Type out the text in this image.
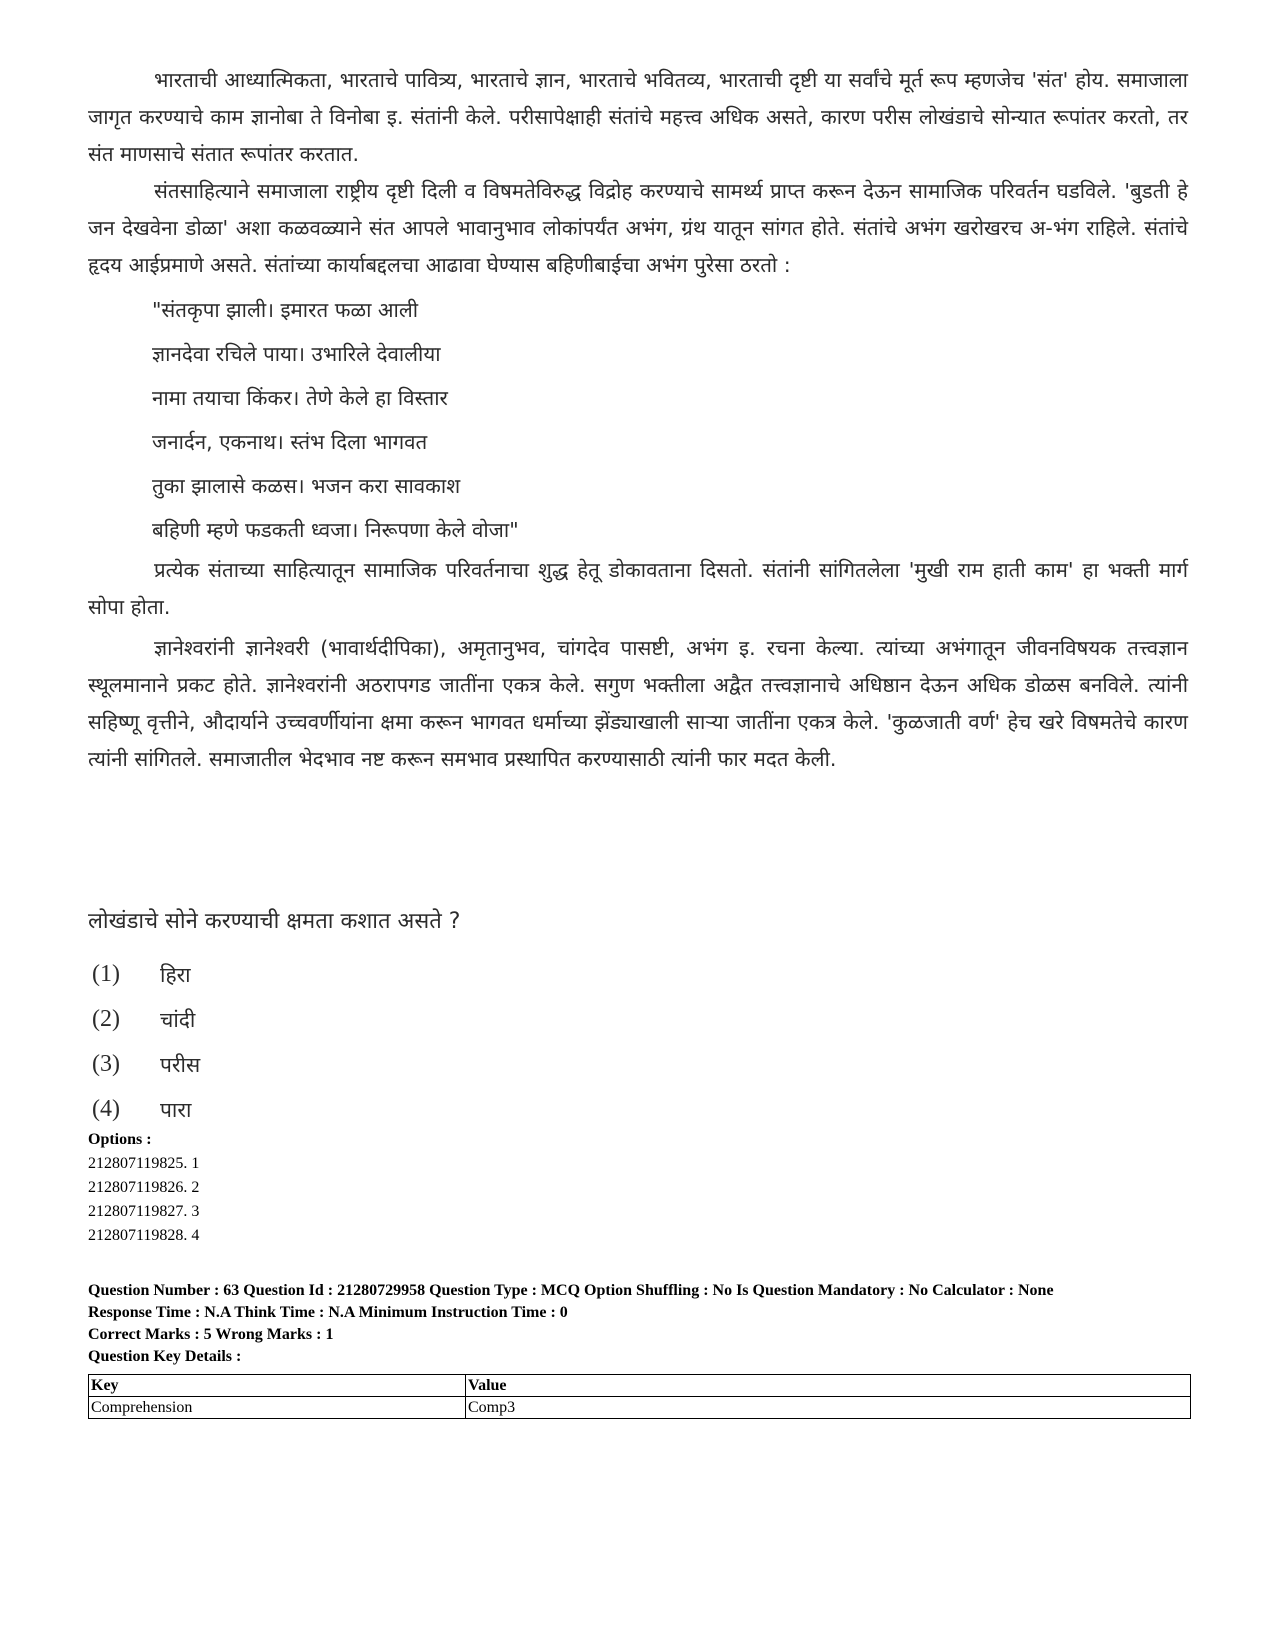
भारताची आध्यात्मिकता, भारताचे पावित्र्य, भारताचे ज्ञान, भारताचे भवितव्य, भारताची दृष्टी या सर्वांचे मूर्त रूप म्हणजेच 'संत' होय. समाजाला जागृत करण्याचे काम ज्ञानोबा ते विनोबा इ. संतांनी केले. परीसापेक्षाही संतांचे महत्त्व अधिक असते, कारण परीस लोखंडाचे सोन्यात रूपांतर करतो, तर संत माणसाचे संतात रूपांतर करतात.

संतसाहित्याने समाजाला राष्ट्रीय दृष्टी दिली व विषमतेविरुद्ध विद्रोह करण्याचे सामर्थ्य प्राप्त करून देऊन सामाजिक परिवर्तन घडविले. 'बुडती हे जन देखवेना डोळा' अशा कळवळ्याने संत आपले भावानुभाव लोकांपर्यंत अभंग, ग्रंथ यातून सांगत होते. संतांचे अभंग खरोखरच अ-भंग राहिले. संतांचे हृदय आईप्रमाणे असते. संतांच्या कार्याबद्दलचा आढावा घेण्यास बहिणीबाईचा अभंग पुरेसा ठरतो :

"संतकृपा झाली। इमारत फळा आली

ज्ञानदेवा रचिले पाया। उभारिले देवालीया

नामा तयाचा किंकर। तेणे केले हा विस्तार

जनार्दन, एकनाथ। स्तंभ दिला भागवत

तुका झालासे कळस। भजन करा सावकाश

बहिणी म्हणे फडकती ध्वजा। निरूपणा केले वोजा"

प्रत्येक संताच्या साहित्यातून सामाजिक परिवर्तनाचा शुद्ध हेतू डोकावताना दिसतो. संतांनी सांगितलेला 'मुखी राम हाती काम' हा भक्ती मार्ग सोपा होता.

ज्ञानेश्वरांनी ज्ञानेश्वरी (भावार्थदीपिका), अमृतानुभव, चांगदेव पासष्टी, अभंग इ. रचना केल्या. त्यांच्या अभंगातून जीवनविषयक तत्त्वज्ञान स्थूलमानाने प्रकट होते. ज्ञानेश्वरांनी अठरापगड जातींना एकत्र केले. सगुण भक्तीला अद्वैत तत्त्वज्ञानाचे अधिष्ठान देऊन अधिक डोळस बनविले. त्यांनी सहिष्णू वृत्तीने, औदार्याने उच्चवर्णीयांना क्षमा करून भागवत धर्माच्या झेंड्याखाली साऱ्या जातींना एकत्र केले. 'कुळजाती वर्ण' हेच खरे विषमतेचे कारण त्यांनी सांगितले. समाजातील भेदभाव नष्ट करून समभाव प्रस्थापित करण्यासाठी त्यांनी फार मदत केली.

लोखंडाचे सोने करण्याची क्षमता कशात असते ?
(1)	हिरा
(2)	चांदी
(3)	परीस
(4)	पारा
Options :
212807119825. 1
212807119826. 2
212807119827. 3
212807119828. 4

Question Number : 63 Question Id : 21280729958 Question Type : MCQ Option Shuffling : No Is Question Mandatory : No Calculator : None

Response Time : N.A Think Time : N.A Minimum Instruction Time : 0

Correct Marks : 5 Wrong Marks : 1

Question Key Details :

Key	Value
Comprehension	Comp3
